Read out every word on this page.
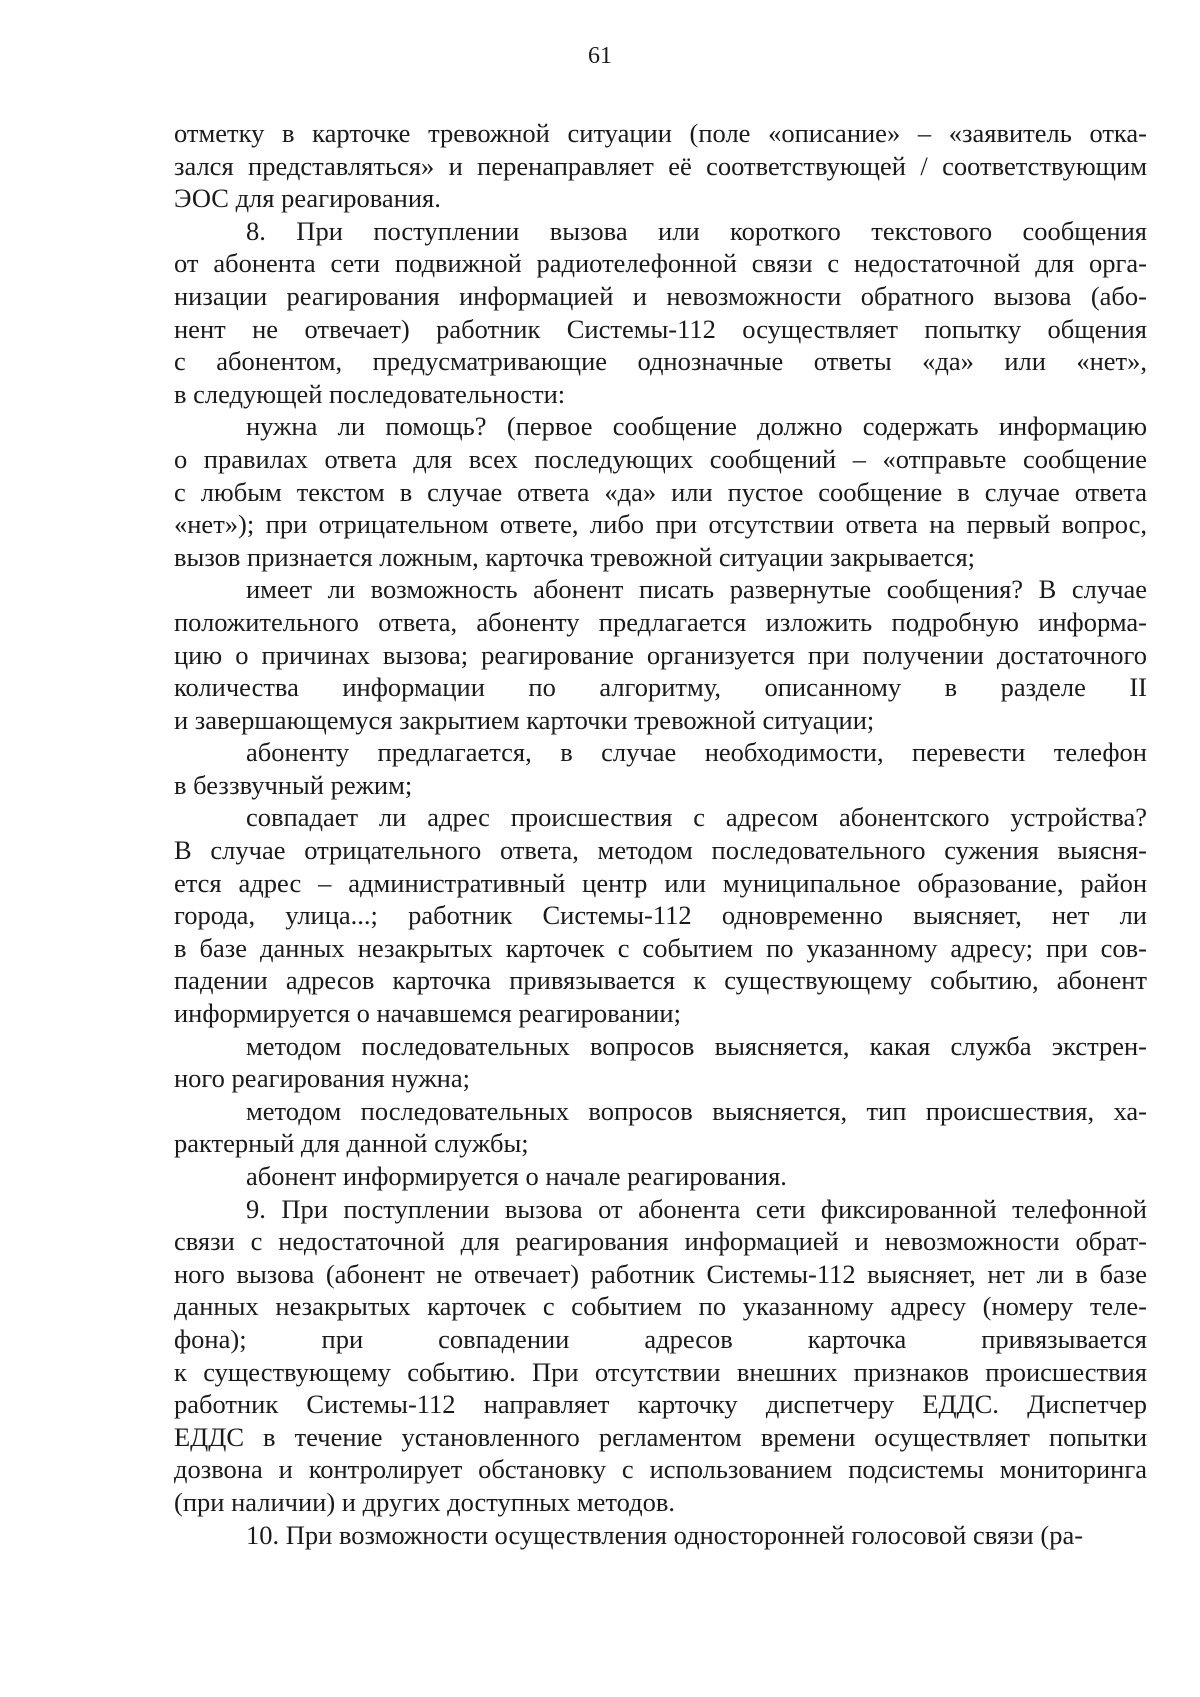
61

отметку в карточке тревожной ситуации (поле «описание» – «заявитель отка-
зался представляться» и перенаправляет её соответствующей / соответствующим
ЭОС для реагирования.

8. При поступлении вызова или короткого текстового сообщения
от абонента сети подвижной радиотелефонной связи с недостаточной для орга-
низации реагирования информацией и невозможности обратного вызова (або-
нент не отвечает) работник Системы-112 осуществляет попытку общения
с абонентом, предусматривающие однозначные ответы «да» или «нет»,
в следующей последовательности:

нужна ли помощь? (первое сообщение должно содержать информацию
о правилах ответа для всех последующих сообщений – «отправьте сообщение
с любым текстом в случае ответа «да» или пустое сообщение в случае ответа
«нет»); при отрицательном ответе, либо при отсутствии ответа на первый вопрос,
вызов признается ложным, карточка тревожной ситуации закрывается;

имеет ли возможность абонент писать развернутые сообщения? В случае
положительного ответа, абоненту предлагается изложить подробную информа-
цию о причинах вызова; реагирование организуется при получении достаточного
количества информации по алгоритму, описанному в разделе II
и завершающемуся закрытием карточки тревожной ситуации;

абоненту предлагается, в случае необходимости, перевести телефон
в беззвучный режим;

совпадает ли адрес происшествия с адресом абонентского устройства?
В случае отрицательного ответа, методом последовательного сужения выясня-
ется адрес – административный центр или муниципальное образование, район
города, улица...; работник Системы-112 одновременно выясняет, нет ли
в базе данных незакрытых карточек с событием по указанному адресу; при сов-
падении адресов карточка привязывается к существующему событию, абонент
информируется о начавшемся реагировании;

методом последовательных вопросов выясняется, какая служба экстрен-
ного реагирования нужна;

методом последовательных вопросов выясняется, тип происшествия, ха-
рактерный для данной службы;

абонент информируется о начале реагирования.

9. При поступлении вызова от абонента сети фиксированной телефонной
связи с недостаточной для реагирования информацией и невозможности обрат-
ного вызова (абонент не отвечает) работник Системы-112 выясняет, нет ли в базе
данных незакрытых карточек с событием по указанному адресу (номеру теле-
фона); при совпадении адресов карточка привязывается
к существующему событию. При отсутствии внешних признаков происшествия
работник Системы-112 направляет карточку диспетчеру ЕДДС. Диспетчер
ЕДДС в течение установленного регламентом времени осуществляет попытки
дозвона и контролирует обстановку с использованием подсистемы мониторинга
(при наличии) и других доступных методов.

10. При возможности осуществления односторонней голосовой связи (ра-
